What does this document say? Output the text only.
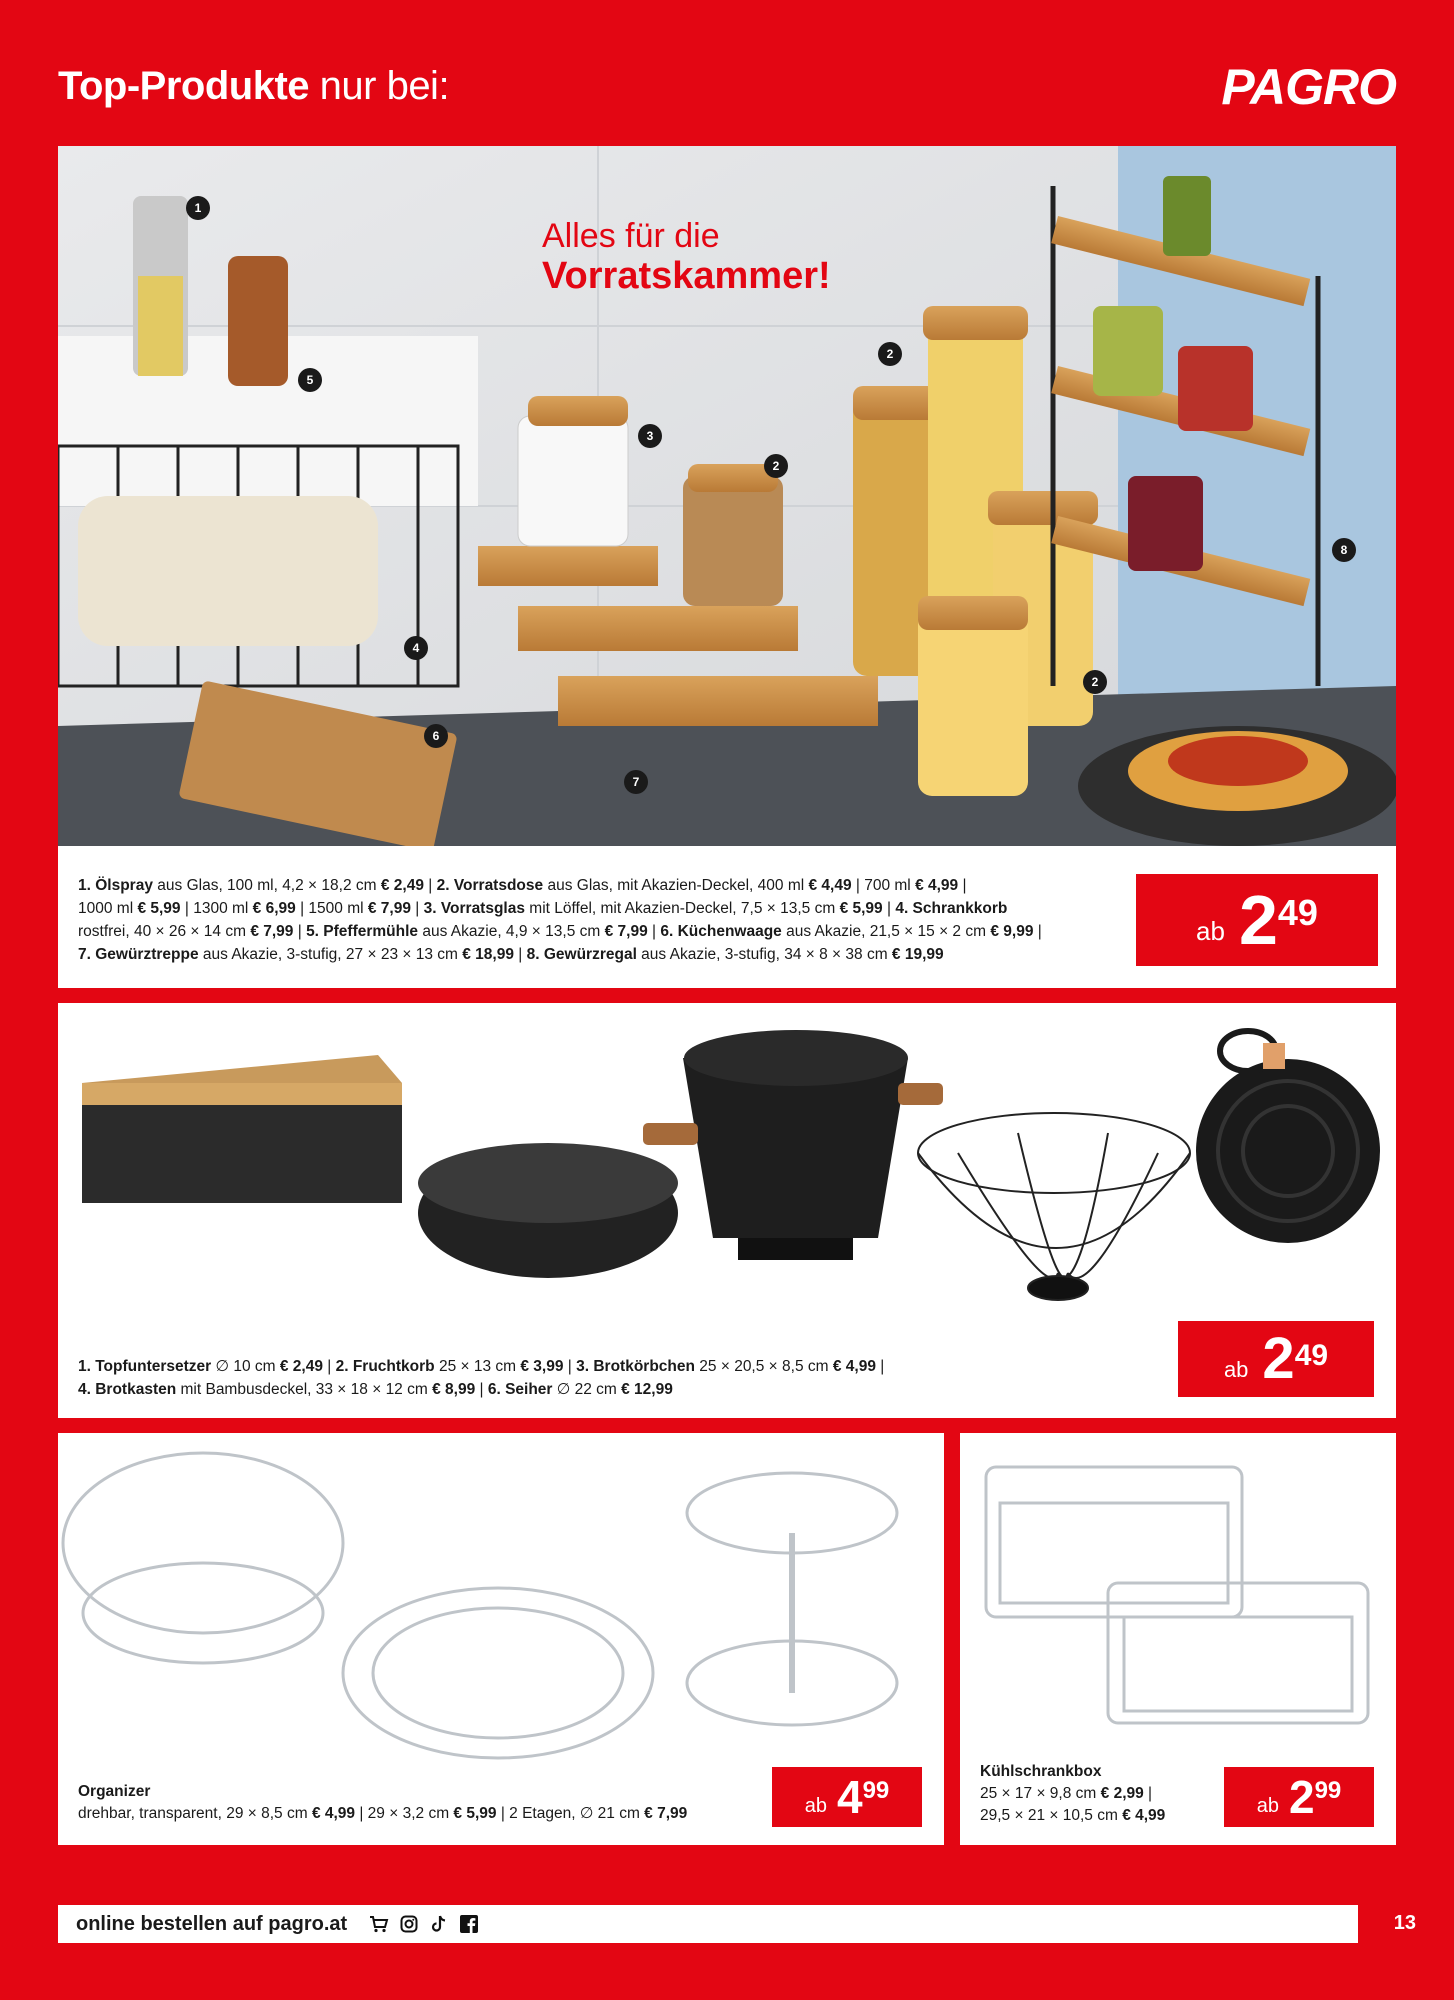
Top-Produkte nur bei:	PAGRO
Alles für die
Vorratskammer!
1
2
3
2
2
5
4
6
7
8
1. Ölspray aus Glas, 100 ml, 4,2 × 18,2 cm € 2,49 | 2. Vorratsdose aus Glas, mit Akazien-Deckel, 400 ml € 4,49 | 700 ml € 4,99 |
1000 ml € 5,99 | 1300 ml € 6,99 | 1500 ml € 7,99 | 3. Vorratsglas mit Löffel, mit Akazien-Deckel, 7,5 × 13,5 cm € 5,99 | 4. Schrankkorb
rostfrei, 40 × 26 × 14 cm € 7,99 | 5. Pfeffermühle aus Akazie, 4,9 × 13,5 cm € 7,99 | 6. Küchenwaage aus Akazie, 21,5 × 15 × 2 cm € 9,99 |
7. Gewürztreppe aus Akazie, 3-stufig, 27 × 23 × 13 cm € 18,99 | 8. Gewürzregal aus Akazie, 3-stufig, 34 × 8 × 38 cm € 19,99
ab 2 49
1. Topfuntersetzer ∅ 10 cm € 2,49 | 2. Fruchtkorb 25 × 13 cm € 3,99 | 3. Brotkörbchen 25 × 20,5 × 8,5 cm € 4,99 |
4. Brotkasten mit Bambusdeckel, 33 × 18 × 12 cm € 8,99 | 6. Seiher ∅ 22 cm € 12,99
ab 2 49
Organizer
drehbar, transparent, 29 × 8,5 cm € 4,99 | 29 × 3,2 cm € 5,99 | 2 Etagen, ∅ 21 cm € 7,99	ab 4 99
Kühlschrankbox
25 × 17 × 9,8 cm € 2,99 |
29,5 × 21 × 10,5 cm € 4,99	ab 2 99
online bestellen auf pagro.at	13
